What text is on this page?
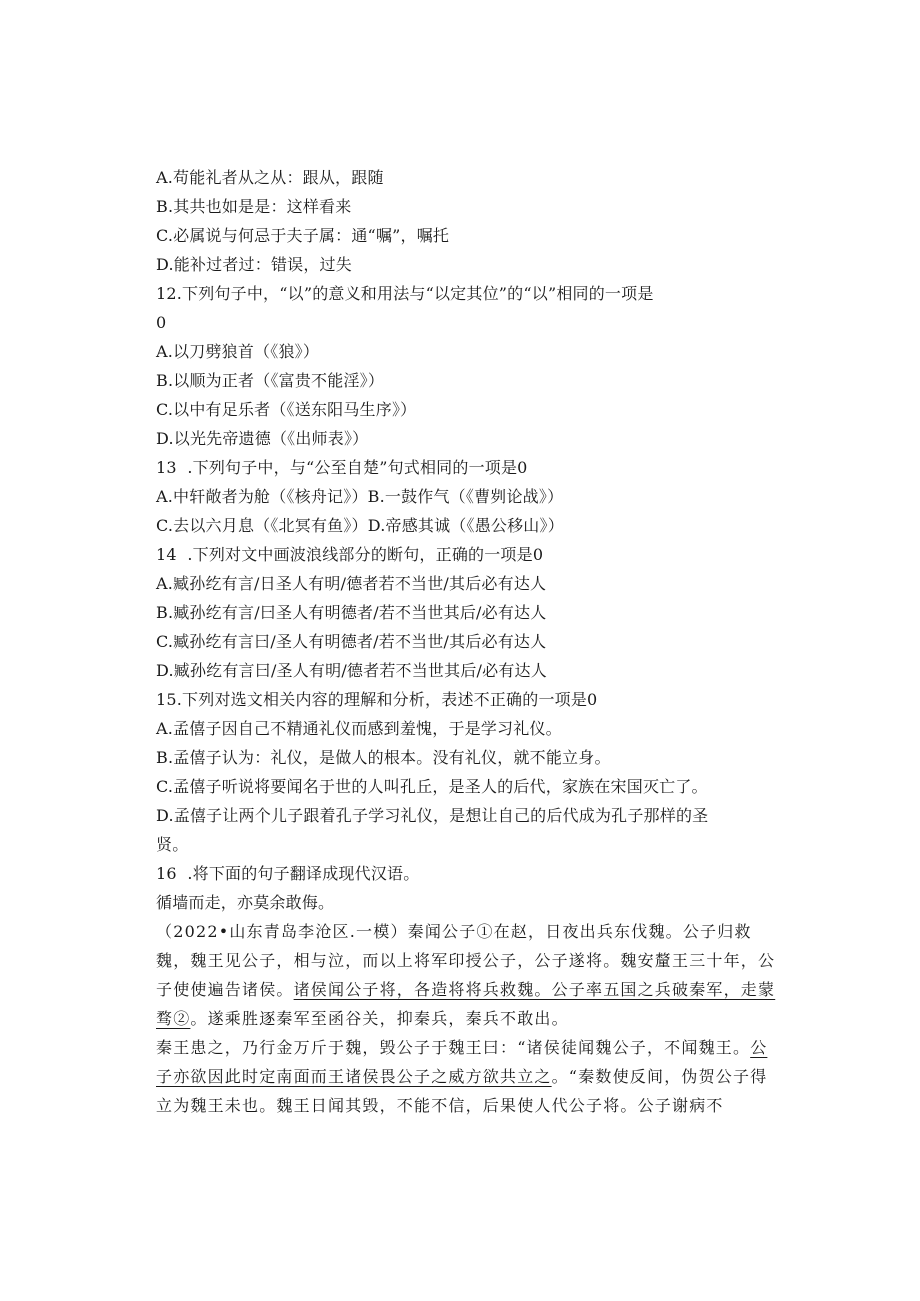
A.苟能礼者从之从：跟从，跟随
B.其共也如是是：这样看来
C.必属说与何忌于夫子属：通“嘱”，嘱托
D.能补过者过：错误，过失
12.下列句子中，“以”的意义和用法与“以定其位”的“以”相同的一项是
0
A.以刀劈狼首（《狼》）
B.以顺为正者（《富贵不能淫》）
C.以中有足乐者（《送东阳马生序》）
D.以光先帝遗德（《出师表》）
13  .下列句子中，与“公至自楚”句式相同的一项是0
A.中轩敞者为舱（《核舟记》）B.一鼓作气（《曹刿论战》）
C.去以六月息（《北冥有鱼》）D.帝感其诚（《愚公移山》）
14  .下列对文中画波浪线部分的断句，正确的一项是0
A.臧孙纥有言/日圣人有明/德者若不当世/其后必有达人
B.臧孙纥有言/曰圣人有明德者/若不当世其后/必有达人
C.臧孙纥有言曰/圣人有明德者/若不当世/其后必有达人
D.臧孙纥有言曰/圣人有明/德者若不当世其后/必有达人
15.下列对选文相关内容的理解和分析，表述不正确的一项是0
A.孟僖子因自己不精通礼仪而感到羞愧，于是学习礼仪。
B.孟僖子认为：礼仪，是做人的根本。没有礼仪，就不能立身。
C.孟僖子听说将要闻名于世的人叫孔丘，是圣人的后代，家族在宋国灭亡了。
D.孟僖子让两个儿子跟着孔子学习礼仪，是想让自己的后代成为孔子那样的圣
贤。
16  .将下面的句子翻译成现代汉语。
循墙而走，亦莫余敢侮。
（2022•山东青岛李沧区.一模）秦闻公子①在赵，日夜出兵东伐魏。公子归救魏，魏王见公子，相与泣，而以上将军印授公子，公子遂将。魏安釐王三十年，公子使使遍告诸侯。诸侯闻公子将，各造将将兵救魏。公子率五国之兵破秦军，走蒙骛②。遂乘胜逐秦军至函谷关，抑秦兵，秦兵不敢出。
秦王患之，乃行金万斤于魏，毁公子于魏王曰：“诸侯徒闻魏公子，不闻魏王。公子亦欲因此时定南面而王诸侯畏公子之威方欲共立之。“秦数使反间，伪贺公子得立为魏王未也。魏王日闻其毁，不能不信，后果使人代公子将。公子谢病不
